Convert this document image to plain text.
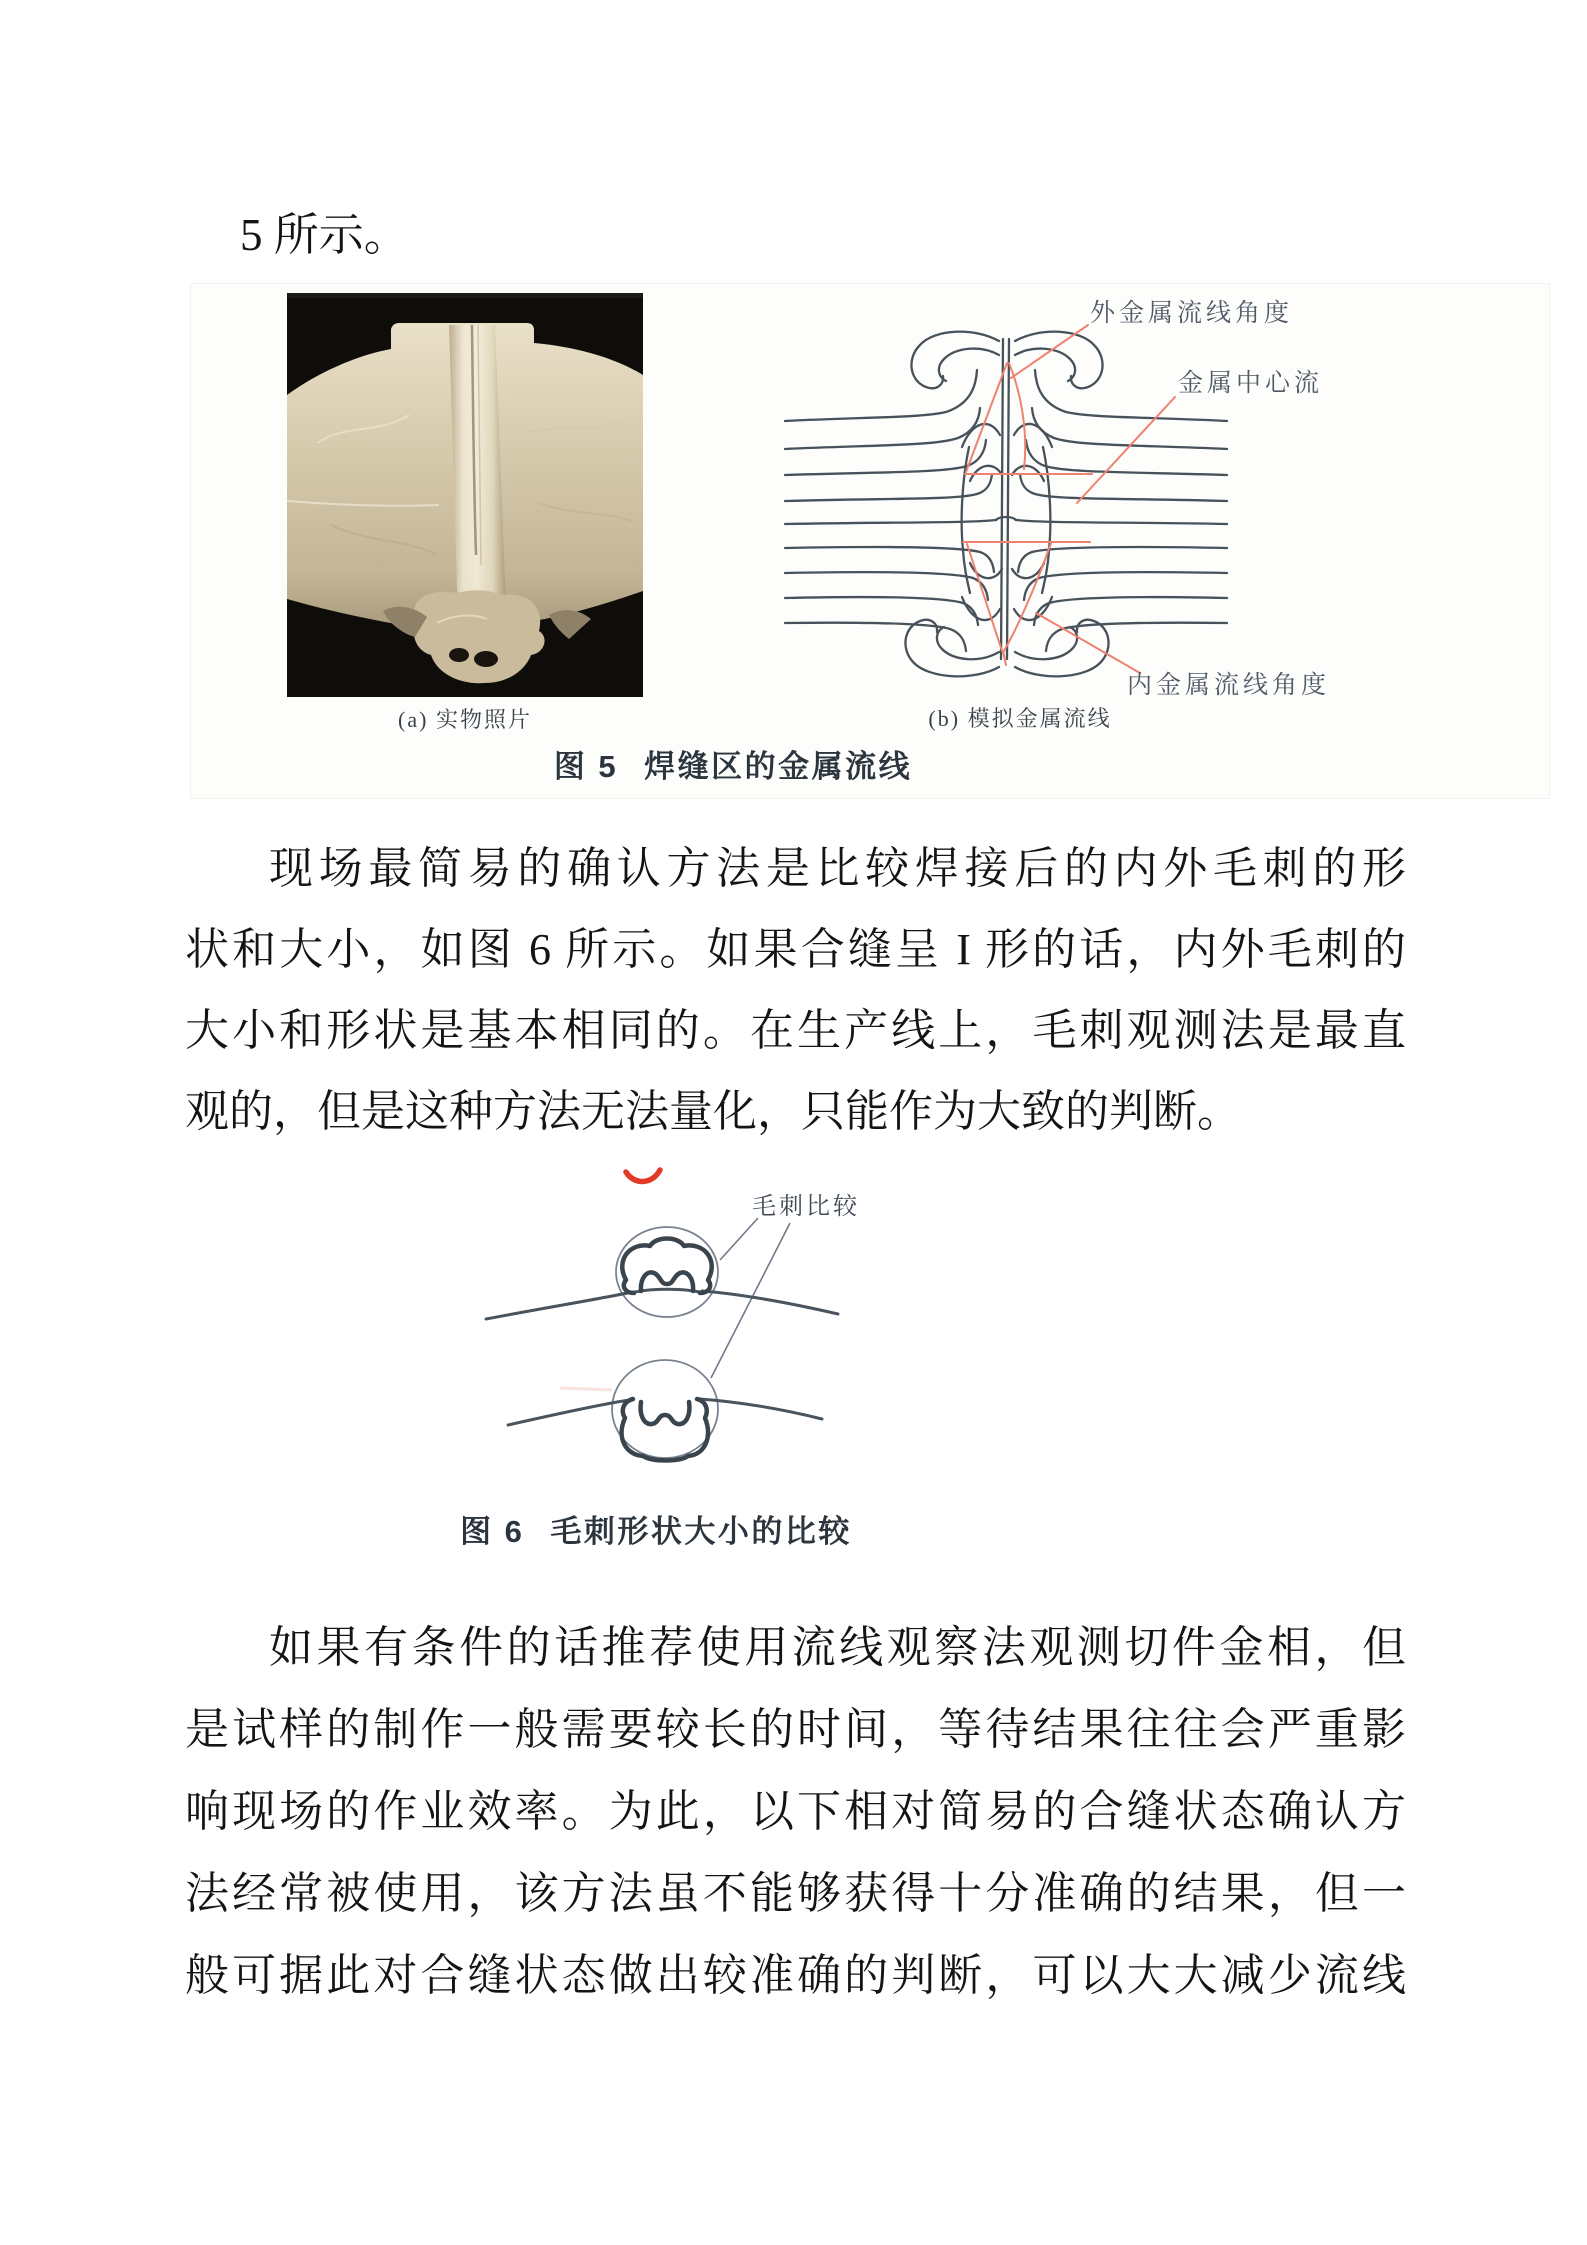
5 所示。
(a) 实物照片
外金属流线角度
金属中心流
内金属流线角度
(b) 模拟金属流线
图 5 焊缝区的金属流线
现场最简易的确认方法是比较焊接后的内外毛刺的形
状和大小，如图 6 所示。如果合缝呈 I 形的话，内外毛刺的
大小和形状是基本相同的。在生产线上，毛刺观测法是最直
观的，但是这种方法无法量化，只能作为大致的判断。
毛刺比较
图 6 毛刺形状大小的比较
如果有条件的话推荐使用流线观察法观测切件金相，但
是试样的制作一般需要较长的时间，等待结果往往会严重影
响现场的作业效率。为此，以下相对简易的合缝状态确认方
法经常被使用，该方法虽不能够获得十分准确的结果，但一
般可据此对合缝状态做出较准确的判断，可以大大减少流线
